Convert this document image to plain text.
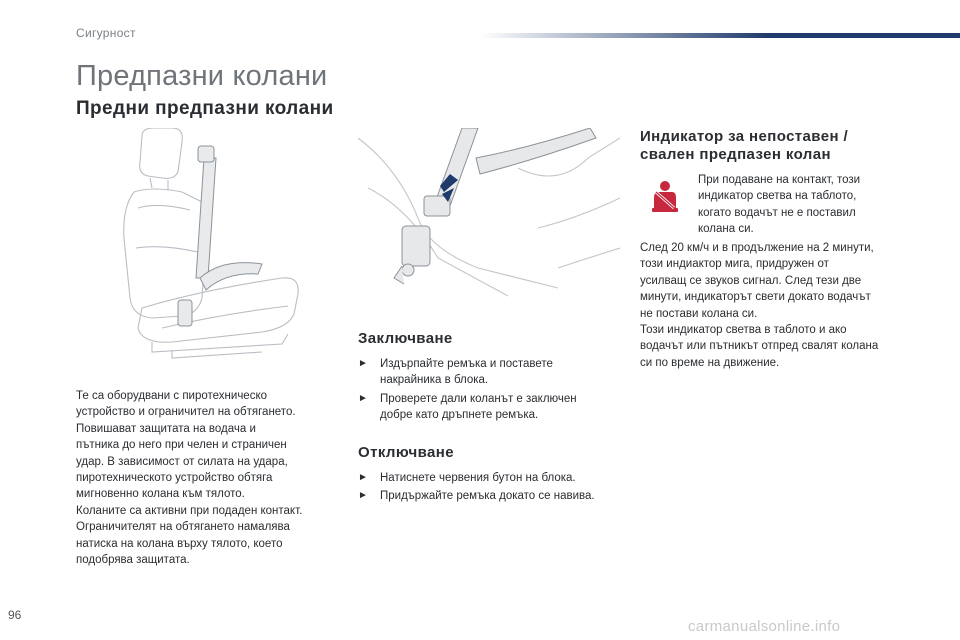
Сигурност
Предпазни колани
Предни предпазни колани
Те са оборудвани с пиротехническо
устройство и ограничител на обтягането.
Повишават защитата на водача и
пътника до него при челен и страничен
удар. В зависимост от силата на удара,
пиротехническото устройство обтяга
мигновенно колана към тялото.
Коланите са активни при подаден контакт.
Ограничителят на обтягането намалява
натиска на колана върху тялото, което
подобрява защитата.
Заключване
► Издърпайте ремъка и поставете
накрайника в блока.
► Проверете дали коланът е заключен
добре като дръпнете ремъка.
Отключване
► Натиснете червения бутон на блока.
► Придържайте ремъка докато се навива.
Индикатор за непоставен /
свален предпазен колан
При подаване на контакт, този
индикатор светва на таблото,
когато водачът не е поставил
колана си.
След 20 км/ч и в продължение на 2 минути,
този индиактор мига, придружен от
усилващ се звуков сигнал. След тези две
минути, индикаторът свети докато водачът
не постави колана си.
Този индикатор светва в таблото и ако
водачът или пътникът отпред свалят колана
си по време на движение.
96
carmanualsonline.info
